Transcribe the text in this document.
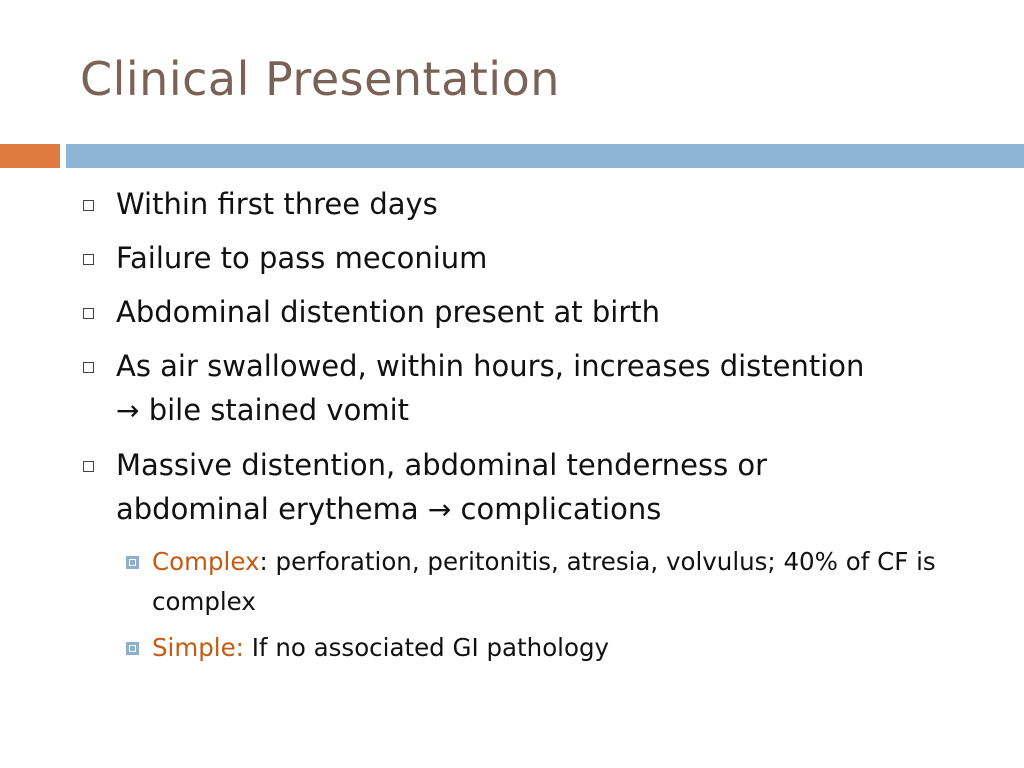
Clinical Presentation
Within first three days
Failure to pass meconium
Abdominal distention present at birth
As air swallowed, within hours, increases distention
→ bile stained vomit
Massive distention, abdominal tenderness or
abdominal erythema → complications
Complex: perforation, peritonitis, atresia, volvulus; 40% of CF is complex
Simple: If no associated GI pathology
